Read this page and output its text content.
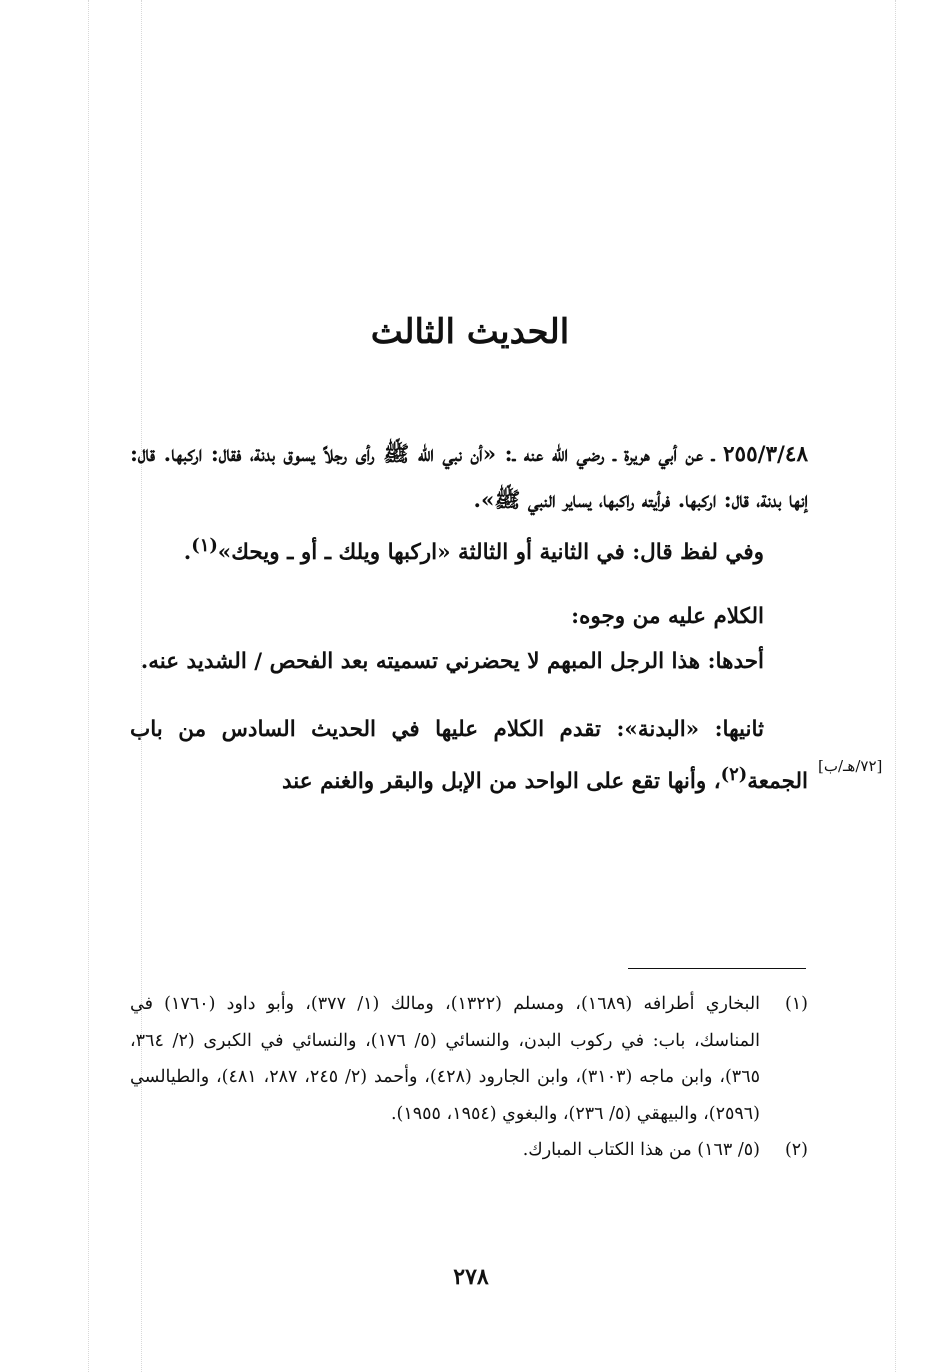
الحديث الثالث

٢٥٥/٣/٤٨ ـ عن أبي هريرة ـ رضي الله عنه ـ: «أن نبي الله ﷺ رأى رجلاً يسوق بدنة، فقال: اركبها. قال: إنها بدنة، قال: اركبها. فرأيته راكبها، يساير النبي ﷺ».

وفي لفظ قال: في الثانية أو الثالثة «اركبها ويلك ـ أو ـ ويحك»$^{(١)}$.

الكلام عليه من وجوه:

أحدها: هذا الرجل المبهم لا يحضرني تسميته بعد الفحص / الشديد عنه.

ثانيها: «البدنة»: تقدم الكلام عليها في الحديث السادس من باب الجمعة$^{(٢)}$، وأنها تقع على الواحد من الإبل والبقر والغنم عند

[٧٢/هـ/ب]

(١)
البخاري أطرافه (١٦٨٩)، ومسلم (١٣٢٢)، ومالك (١/ ٣٧٧)، وأبو داود (١٧٦٠) في المناسك، باب: في ركوب البدن، والنسائي (٥/ ١٧٦)، والنسائي في الكبرى (٢/ ٣٦٤، ٣٦٥)، وابن ماجه (٣١٠٣)، وابن الجارود (٤٢٨)، وأحمد (٢/ ٢٤٥، ٢٨٧، ٤٨١)، والطيالسي (٢٥٩٦)، والبيهقي (٥/ ٢٣٦)، والبغوي (١٩٥٤، ١٩٥٥).

(٢)
(٥/ ١٦٣) من هذا الكتاب المبارك.

٢٧٨
